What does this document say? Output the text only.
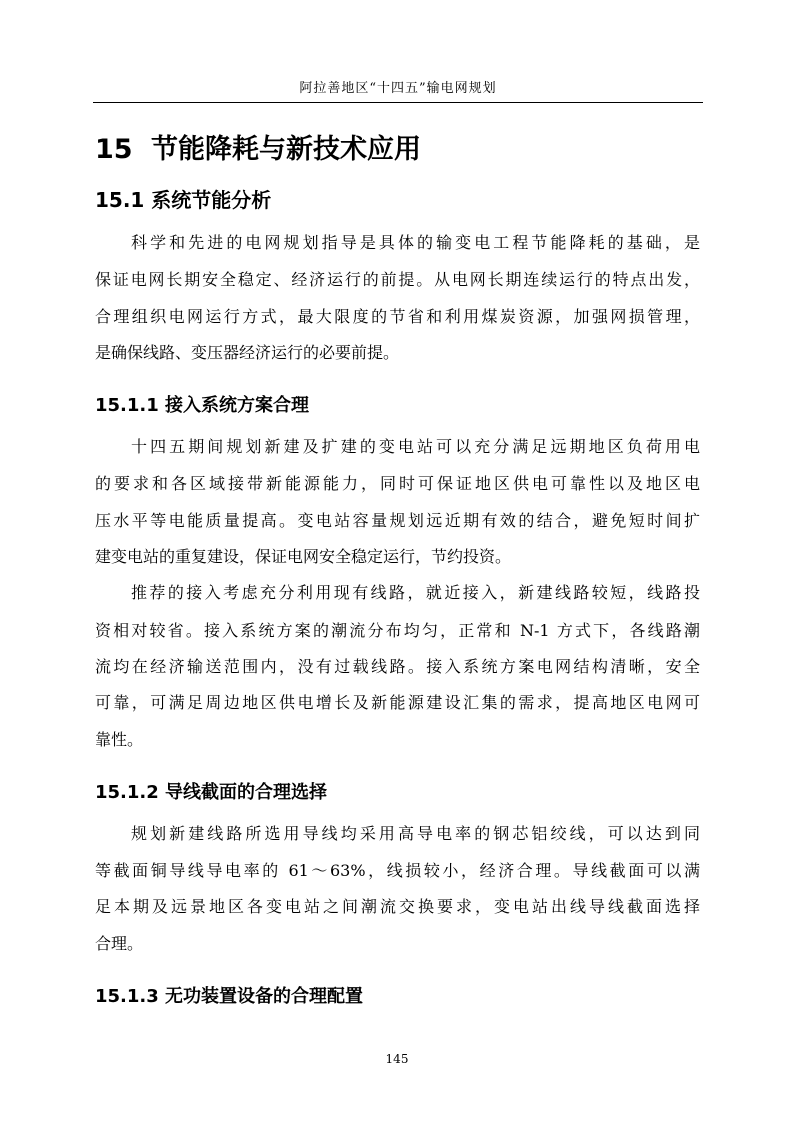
阿拉善地区“十四五”输电网规划
15 节能降耗与新技术应用
15.1 系统节能分析
科学和先进的电网规划指导是具体的输变电工程节能降耗的基础，是
保证电网长期安全稳定、经济运行的前提。从电网长期连续运行的特点出发，
合理组织电网运行方式，最大限度的节省和利用煤炭资源，加强网损管理，
是确保线路、变压器经济运行的必要前提。
15.1.1 接入系统方案合理
十四五期间规划新建及扩建的变电站可以充分满足远期地区负荷用电
的要求和各区域接带新能源能力，同时可保证地区供电可靠性以及地区电
压水平等电能质量提高。变电站容量规划远近期有效的结合，避免短时间扩
建变电站的重复建设，保证电网安全稳定运行，节约投资。
推荐的接入考虑充分利用现有线路，就近接入，新建线路较短，线路投
资相对较省。接入系统方案的潮流分布均匀，正常和 N-1 方式下，各线路潮
流均在经济输送范围内，没有过载线路。接入系统方案电网结构清晰，安全
可靠，可满足周边地区供电增长及新能源建设汇集的需求，提高地区电网可
靠性。
15.1.2 导线截面的合理选择
规划新建线路所选用导线均采用高导电率的钢芯铝绞线，可以达到同
等截面铜导线导电率的 61～63%，线损较小，经济合理。导线截面可以满
足本期及远景地区各变电站之间潮流交换要求，变电站出线导线截面选择
合理。
15.1.3 无功装置设备的合理配置
145
